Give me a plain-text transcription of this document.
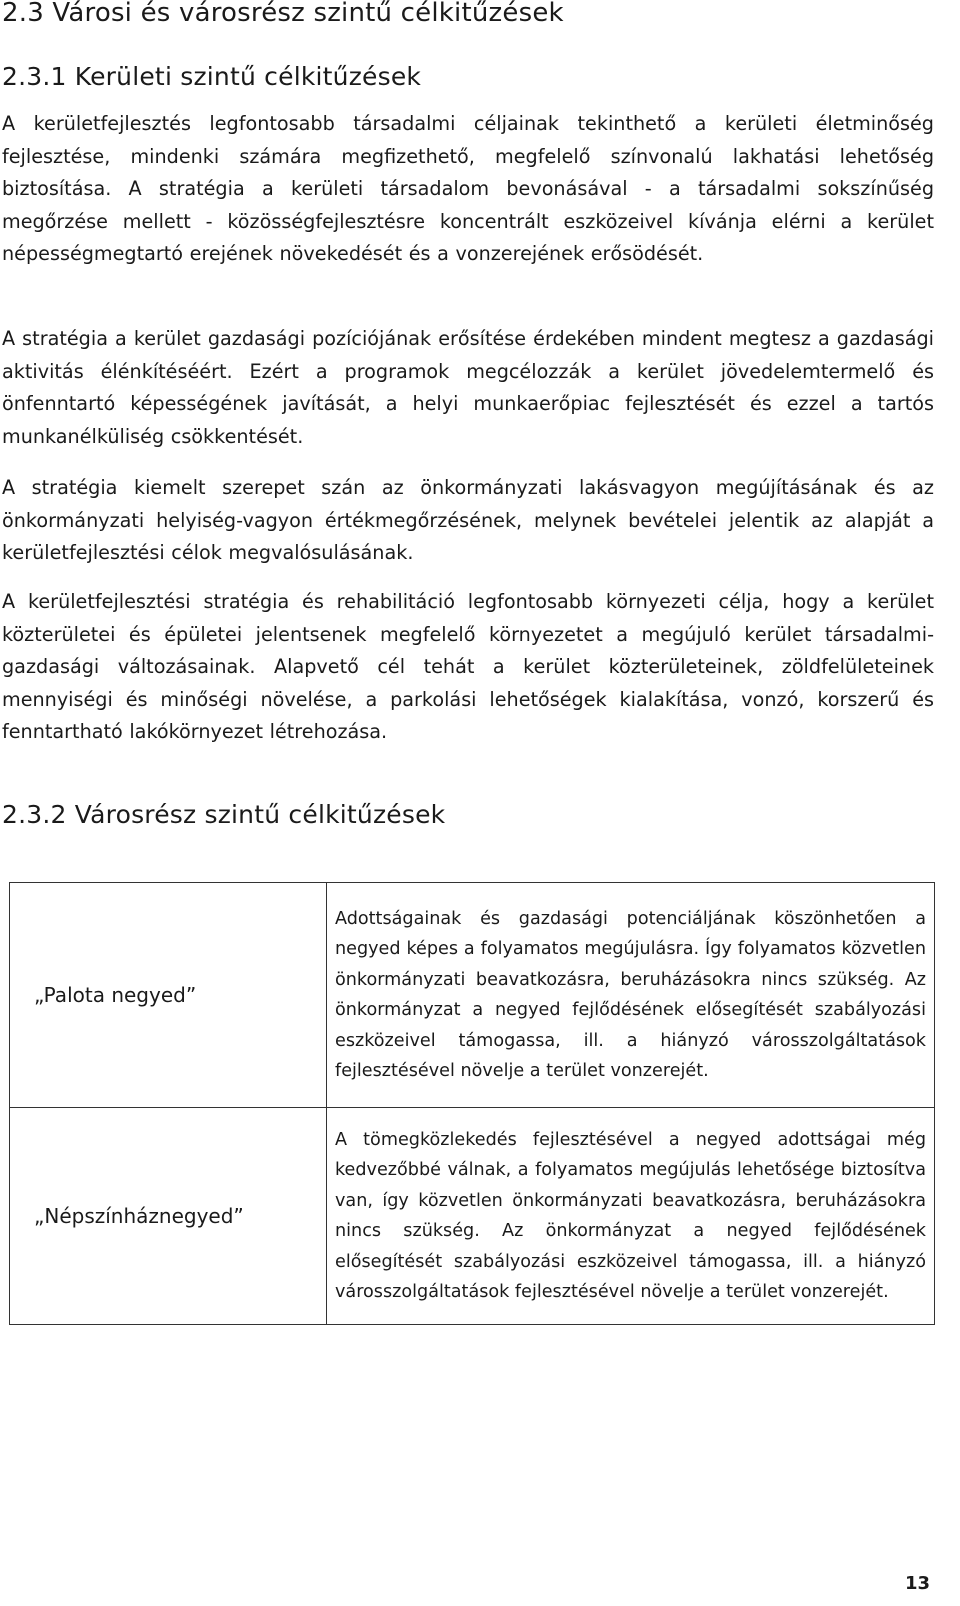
2.3 Városi és városrész szintű célkitűzések
2.3.1 Kerületi szintű célkitűzések

A kerületfejlesztés legfontosabb társadalmi céljainak tekinthető a kerületi életminőség fejlesztése, mindenki számára megfizethető, megfelelő színvonalú lakhatási lehetőség biztosítása. A stratégia a kerületi társadalom bevonásával - a társadalmi sokszínűség megőrzése mellett - közösségfejlesztésre koncentrált eszközeivel kívánja elérni a kerület népességmegtartó erejének növekedését és a vonzerejének erősödését.

A stratégia a kerület gazdasági pozíciójának erősítése érdekében mindent megtesz a gazdasági aktivitás élénkítéséért. Ezért a programok megcélozzák a kerület jövedelemtermelő és önfenntartó képességének javítását, a helyi munkaerőpiac fejlesztését és ezzel a tartós munkanélküliség csökkentését.

A stratégia kiemelt szerepet szán az önkormányzati lakásvagyon megújításának és az önkormányzati helyiség-vagyon értékmegőrzésének, melynek bevételei jelentik az alapját a kerületfejlesztési célok megvalósulásának.

A kerületfejlesztési stratégia és rehabilitáció legfontosabb környezeti célja, hogy a kerület közterületei és épületei jelentsenek megfelelő környezetet a megújuló kerület társadalmi-gazdasági változásainak. Alapvető cél tehát a kerület közterületeinek, zöldfelületeinek mennyiségi és minőségi növelése, a parkolási lehetőségek kialakítása, vonzó, korszerű és fenntartható lakókörnyezet létrehozása.

2.3.2 Városrész szintű célkitűzések
„Palota negyed”	Adottságainak és gazdasági potenciáljának köszönhetően a negyed képes a folyamatos megújulásra. Így folyamatos közvetlen önkormányzati beavatkozásra, beruházásokra nincs szükség. Az önkormányzat a negyed fejlődésének elősegítését szabályozási eszközeivel támogassa, ill. a hiányzó városszolgáltatások fejlesztésével növelje a terület vonzerejét.
„Népszínháznegyed”	A tömegközlekedés fejlesztésével a negyed adottságai még kedvezőbbé válnak, a folyamatos megújulás lehetősége biztosítva van, így közvetlen önkormányzati beavatkozásra, beruházásokra nincs szükség. Az önkormányzat a negyed fejlődésének elősegítését szabályozási eszközeivel támogassa, ill. a hiányzó városszolgáltatások fejlesztésével növelje a terület vonzerejét.
13
